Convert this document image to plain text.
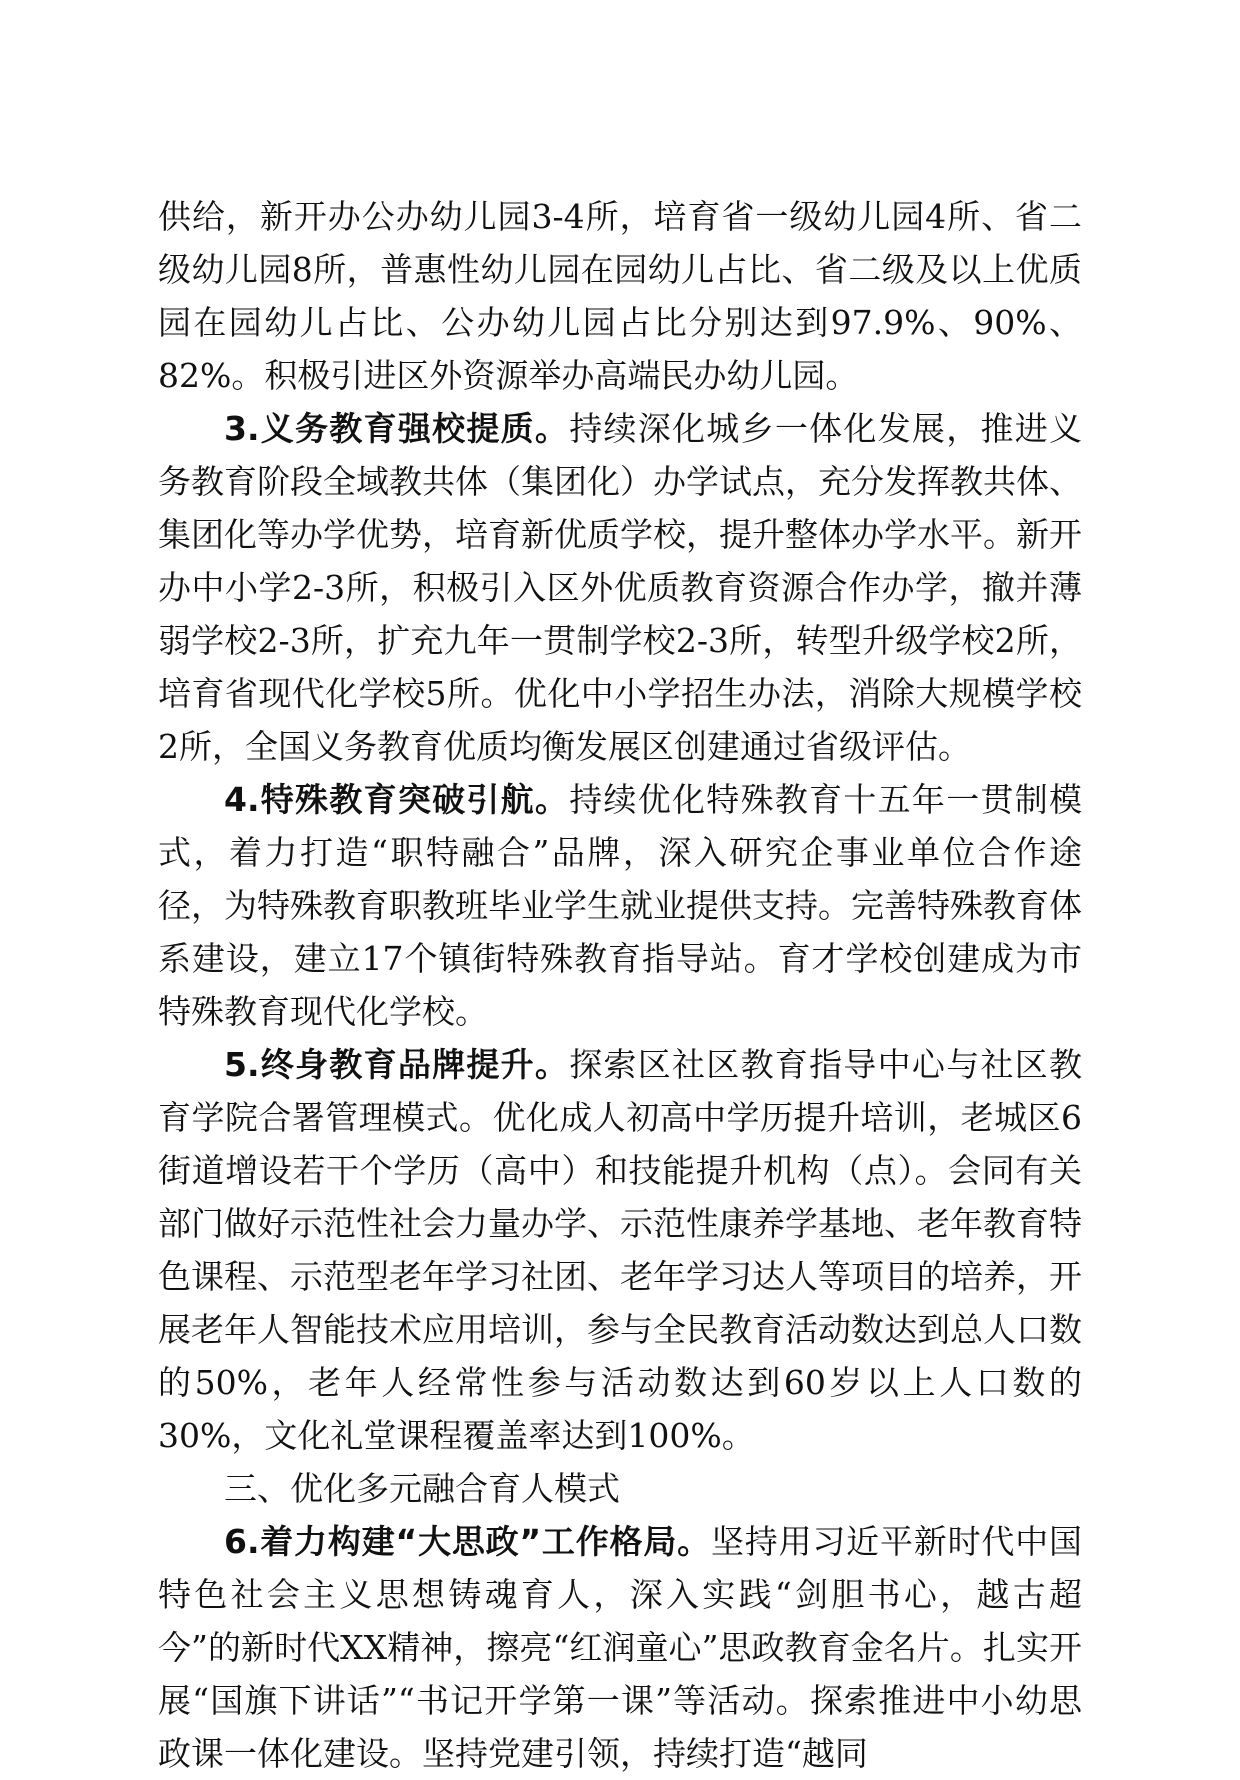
供给，新开办公办幼儿园3-4所，培育省一级幼儿园4所、省二级幼儿园8所，普惠性幼儿园在园幼儿占比、省二级及以上优质园在园幼儿占比、公办幼儿园占比分别达到97.9%、90%、82%。积极引进区外资源举办高端民办幼儿园。

3.义务教育强校提质。持续深化城乡一体化发展，推进义务教育阶段全域教共体（集团化）办学试点，充分发挥教共体、集团化等办学优势，培育新优质学校，提升整体办学水平。新开办中小学2-3所，积极引入区外优质教育资源合作办学，撤并薄弱学校2-3所，扩充九年一贯制学校2-3所，转型升级学校2所，培育省现代化学校5所。优化中小学招生办法，消除大规模学校2所，全国义务教育优质均衡发展区创建通过省级评估。

4.特殊教育突破引航。持续优化特殊教育十五年一贯制模式，着力打造“职特融合”品牌，深入研究企事业单位合作途径，为特殊教育职教班毕业学生就业提供支持。完善特殊教育体系建设，建立17个镇街特殊教育指导站。育才学校创建成为市特殊教育现代化学校。

5.终身教育品牌提升。探索区社区教育指导中心与社区教育学院合署管理模式。优化成人初高中学历提升培训，老城区6街道增设若干个学历（高中）和技能提升机构（点）。会同有关部门做好示范性社会力量办学、示范性康养学基地、老年教育特色课程、示范型老年学习社团、老年学习达人等项目的培养，开展老年人智能技术应用培训，参与全民教育活动数达到总人口数的50%，老年人经常性参与活动数达到60岁以上人口数的30%，文化礼堂课程覆盖率达到100%。

三、优化多元融合育人模式

6.着力构建“大思政”工作格局。坚持用习近平新时代中国特色社会主义思想铸魂育人，深入实践“剑胆书心，越古超今”的新时代XX精神，擦亮“红润童心”思政教育金名片。扎实开展“国旗下讲话”“书记开学第一课”等活动。探索推进中小幼思政课一体化建设。坚持党建引领，持续打造“越同
